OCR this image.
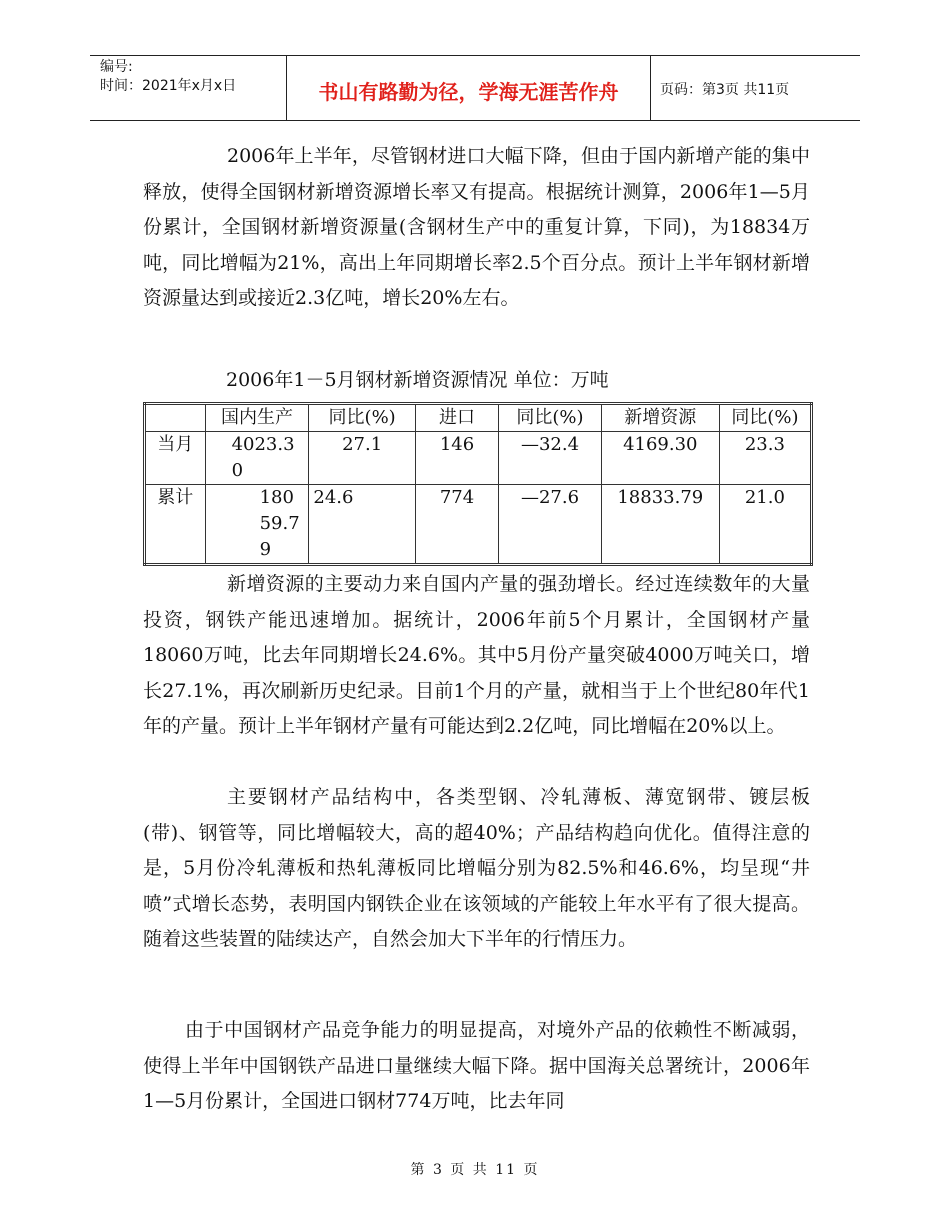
编号:
时间：2021年x月x日	书山有路勤为径，学海无涯苦作舟	页码：第3页 共11页

2006年上半年，尽管钢材进口大幅下降，但由于国内新增产能的集中释放，使得全国钢材新增资源增长率又有提高。根据统计测算，2006年1—5月份累计，全国钢材新增资源量(含钢材生产中的重复计算，下同)，为18834万吨，同比增幅为21%，高出上年同期增长率2.5个百分点。预计上半年钢材新增资源量达到或接近2.3亿吨，增长20%左右。

2006年1－5月钢材新增资源情况 单位：万吨
	国内生产	同比(%)	进口	同比(%)	新增资源	同比(%)
当月	4023.30	27.1	146	—32.4	4169.30	23.3
累计	18059.79	24.6	774	—27.6	18833.79	21.0

新增资源的主要动力来自国内产量的强劲增长。经过连续数年的大量投资，钢铁产能迅速增加。据统计，2006年前5个月累计，全国钢材产量18060万吨，比去年同期增长24.6%。其中5月份产量突破4000万吨关口，增长27.1%，再次刷新历史纪录。目前1个月的产量，就相当于上个世纪80年代1年的产量。预计上半年钢材产量有可能达到2.2亿吨，同比增幅在20%以上。

主要钢材产品结构中，各类型钢、冷轧薄板、薄宽钢带、镀层板(带)、钢管等，同比增幅较大，高的超40%；产品结构趋向优化。值得注意的是，5月份冷轧薄板和热轧薄板同比增幅分别为82.5%和46.6%，均呈现“井喷”式增长态势，表明国内钢铁企业在该领域的产能较上年水平有了很大提高。随着这些装置的陆续达产，自然会加大下半年的行情压力。

由于中国钢材产品竞争能力的明显提高，对境外产品的依赖性不断减弱，使得上半年中国钢铁产品进口量继续大幅下降。据中国海关总署统计，2006年1—5月份累计，全国进口钢材774万吨，比去年同

第 3 页 共 11 页
